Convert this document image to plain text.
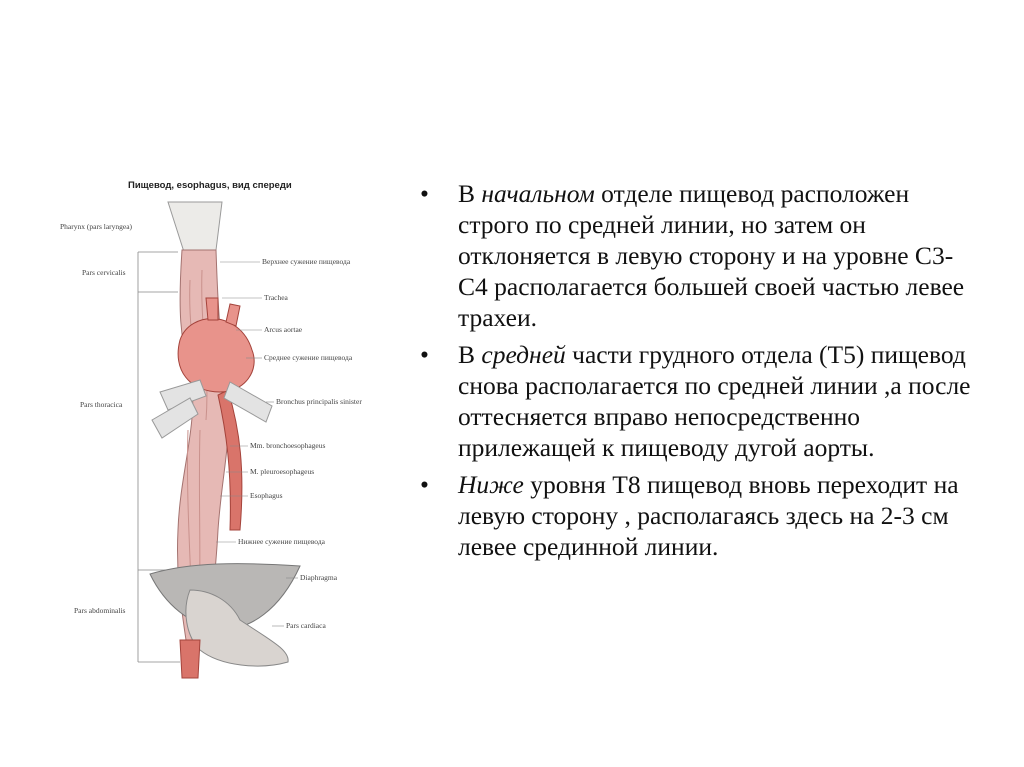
Пищевод, esophagus, вид спереди
Pharynx (pars laryngea)
Pars cervicalis
Pars thoracica
Pars abdominalis
Верхнее сужение пищевода
Trachea
Arcus aortae
Среднее сужение пищевода
Bronchus principalis sinister
Mm. bronchoesophageus
M. pleuroesophageus
Esophagus
Нижнее сужение пищевода
Diaphragma
Pars cardiaca
• В начальном отделе пищевод расположен строго по средней линии, но затем он отклоняется в левую сторону и на уровне С3-С4 располагается большей своей частью левее трахеи.
• В средней части грудного отдела (Т5) пищевод снова располагается по средней линии ,а после оттесняется вправо непосредственно прилежащей к пищеводу дугой аорты.
• Ниже уровня Т8 пищевод вновь переходит на левую сторону , располагаясь здесь на 2-3 см левее срединной линии.
